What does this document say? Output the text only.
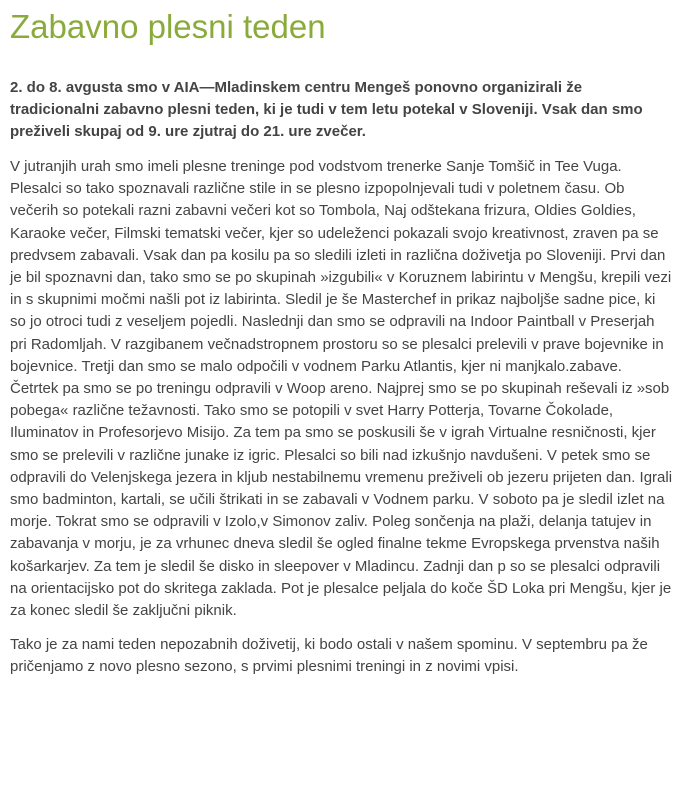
Zabavno plesni teden

2. do 8. avgusta smo v AIA—Mladinskem centru Mengeš ponovno organizirali že tradicionalni zabavno plesni teden, ki je tudi v tem letu potekal v Sloveniji. Vsak dan smo preživeli skupaj od 9. ure zjutraj do 21. ure zvečer.

V jutranjih urah smo imeli plesne treninge pod vodstvom trenerke Sanje Tomšič in Tee Vuga. Plesalci so tako spoznavali različne stile in se plesno izpopolnjevali tudi v poletnem času. Ob večerih so potekali razni zabavni večeri kot so Tombola, Naj odštekana frizura, Oldies Goldies, Karaoke večer, Filmski tematski večer, kjer so udeleženci pokazali svojo kreativnost, zraven pa se predvsem zabavali. Vsak dan pa kosilu pa so sledili izleti in različna doživetja po Sloveniji. Prvi dan je bil spoznavni dan, tako smo se po skupinah »izgubili« v Koruznem labirintu v Mengšu, krepili vezi in s skupnimi močmi našli pot iz labirinta. Sledil je še Masterchef in prikaz najboljše sadne pice, ki so jo otroci tudi z veseljem pojedli. Naslednji dan smo se odpravili na Indoor Paintball v Preserjah pri Radomljah. V razgibanem večnadstropnem prostoru so se plesalci prelevili v prave bojevnike in bojevnice. Tretji dan smo se malo odpočili v vodnem Parku Atlantis, kjer ni manjkalo.zabave. Četrtek pa smo se po treningu odpravili v Woop areno. Najprej smo se po skupinah reševali iz »sob pobega« različne težavnosti. Tako smo se potopili v svet Harry Potterja, Tovarne Čokolade, Iluminatov in Profesorjevo Misijo. Za tem pa smo se poskusili še v igrah Virtualne resničnosti, kjer smo se prelevili v različne junake iz igric. Plesalci so bili nad izkušnjo navdušeni. V petek smo se odpravili do Velenjskega jezera in kljub nestabilnemu vremenu preživeli ob jezeru prijeten dan. Igrali smo badminton, kartali, se učili štrikati in se zabavali v Vodnem parku. V soboto pa je sledil izlet na morje. Tokrat smo se odpravili v Izolo,v Simonov zaliv. Poleg sončenja na plaži, delanja tatujev in zabavanja v morju, je za vrhunec dneva sledil še ogled finalne tekme Evropskega prvenstva naših košarkarjev. Za tem je sledil še disko in sleepover v Mladincu. Zadnji dan p so se plesalci odpravili na orientacijsko pot do skritega zaklada. Pot je plesalce peljala do koče ŠD Loka pri Mengšu, kjer je za konec sledil še zaključni piknik.

Tako je za nami teden nepozabnih doživetij, ki bodo ostali v našem spominu. V septembru pa že pričenjamo z novo plesno sezono, s prvimi plesnimi treningi in z novimi vpisi.
